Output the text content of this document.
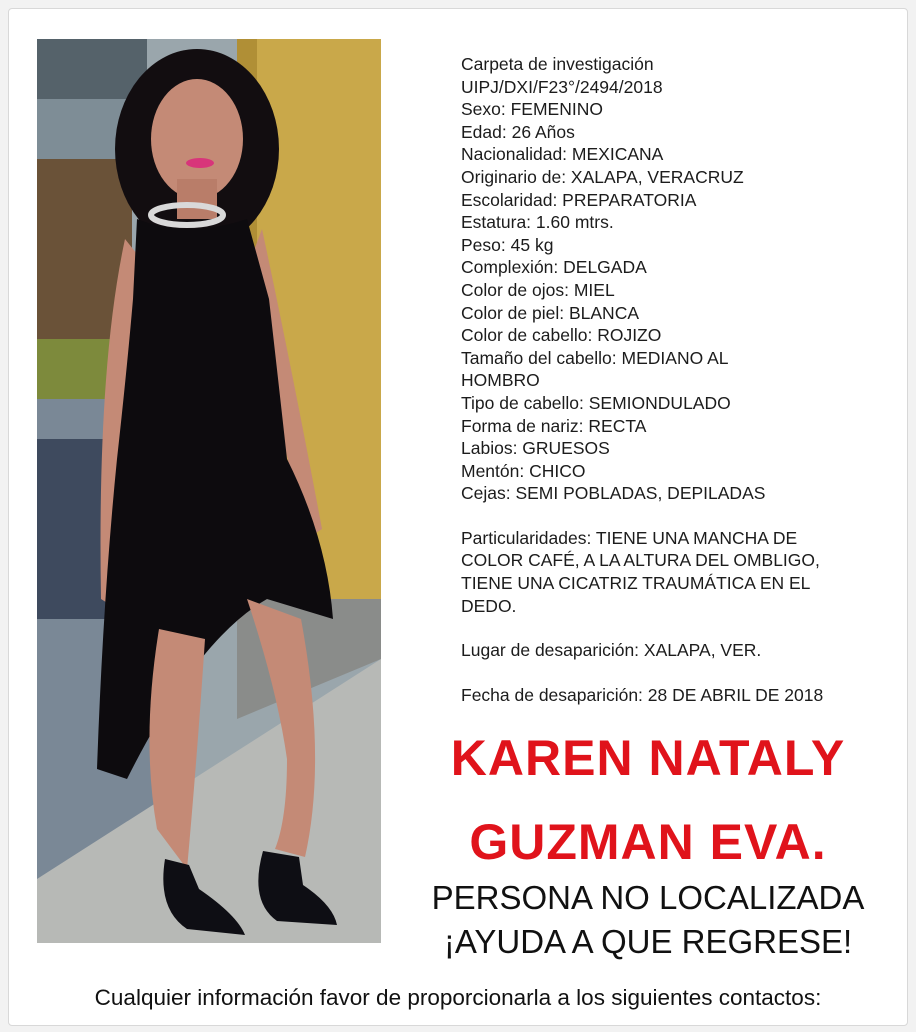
Carpeta de investigación
UIPJ/DXI/F23°/2494/2018
Sexo: FEMENINO
Edad: 26 Años
Nacionalidad: MEXICANA
Originario de: XALAPA, VERACRUZ
Escolaridad: PREPARATORIA
Estatura: 1.60 mtrs.
Peso: 45 kg
Complexión: DELGADA
Color de ojos: MIEL
Color de piel: BLANCA
Color de cabello: ROJIZO
Tamaño del cabello: MEDIANO AL HOMBRO
Tipo de cabello: SEMIONDULADO
Forma de nariz: RECTA
Labios: GRUESOS
Mentón: CHICO
Cejas: SEMI POBLADAS, DEPILADAS
Particularidades: TIENE UNA MANCHA DE COLOR CAFÉ, A LA ALTURA DEL OMBLIGO, TIENE UNA CICATRIZ TRAUMÁTICA EN EL DEDO.
Lugar de desaparición: XALAPA, VER.
Fecha de desaparición: 28 DE ABRIL DE 2018
KAREN NATALY
GUZMAN EVA.
PERSONA NO LOCALIZADA
¡AYUDA A QUE REGRESE!
Cualquier información favor de proporcionarla a los siguientes contactos:
